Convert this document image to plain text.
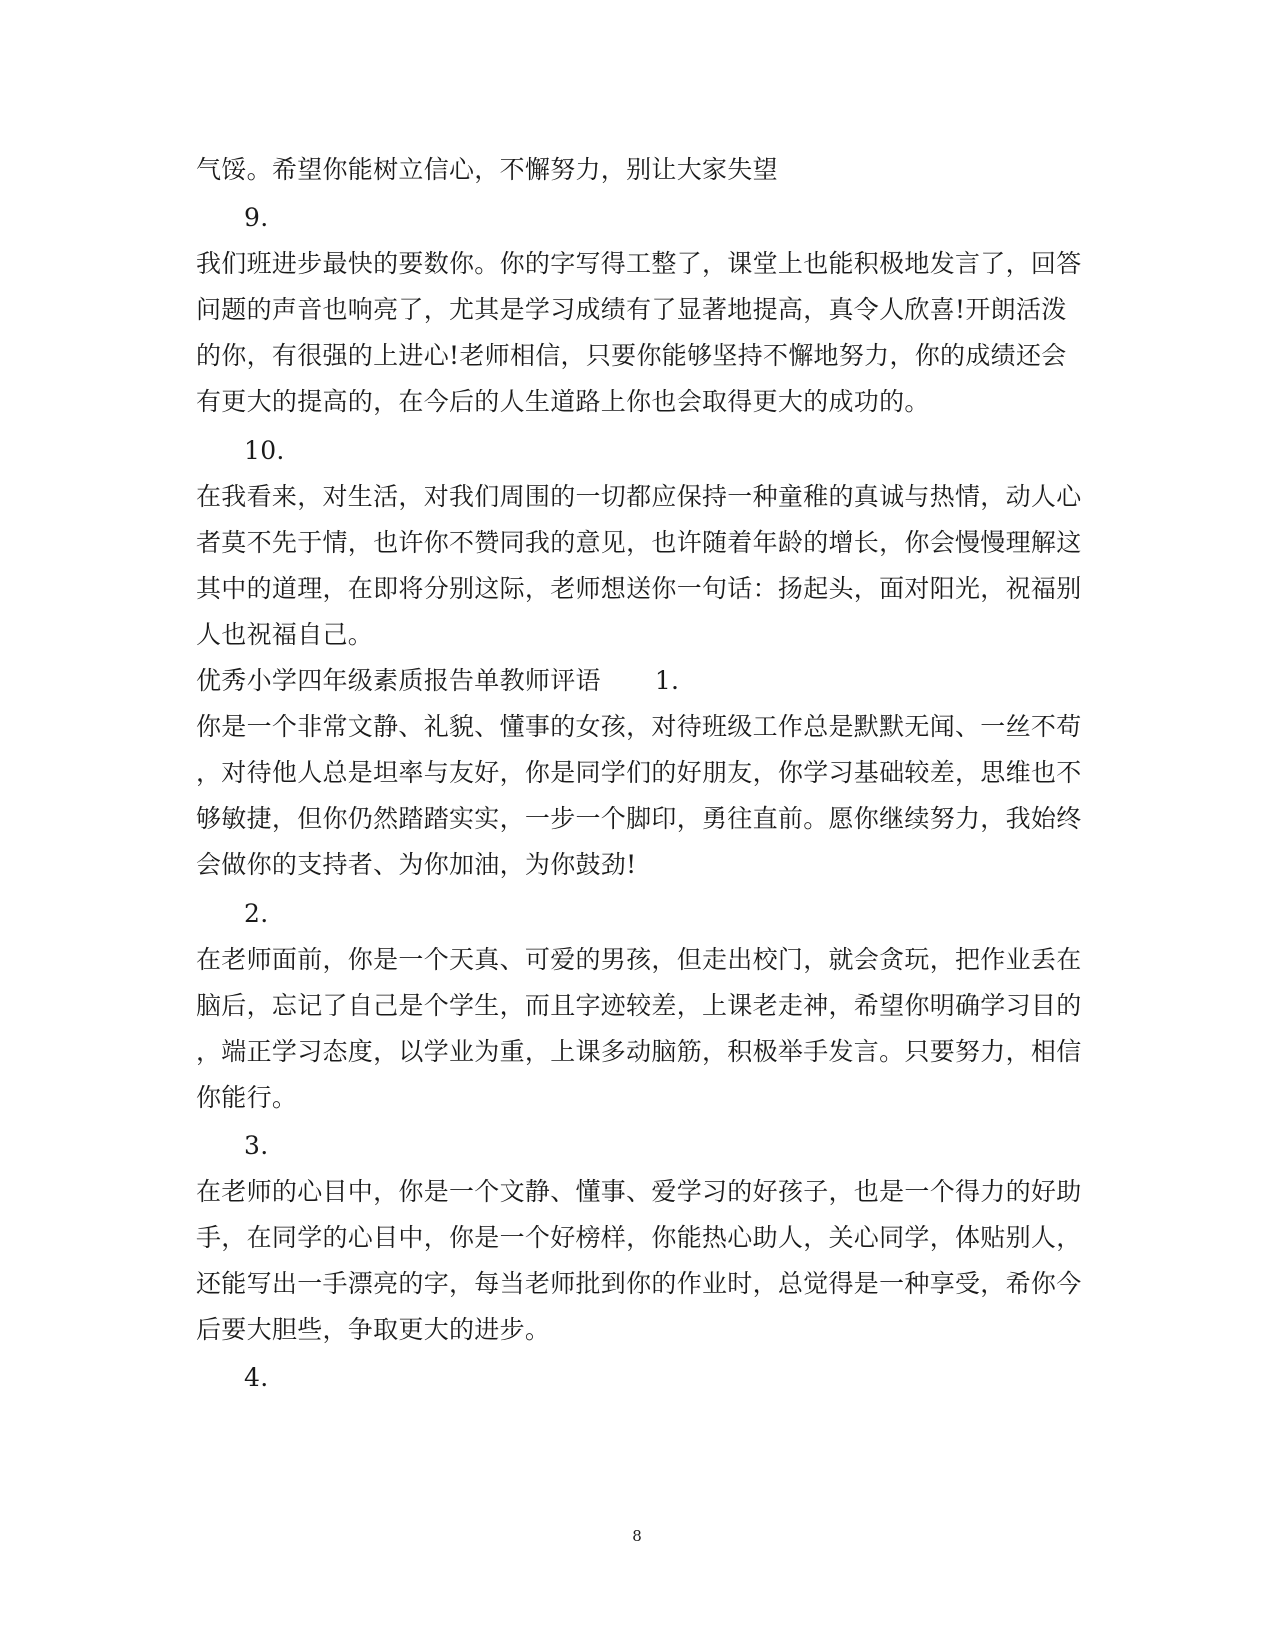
气馁。希望你能树立信心，不懈努力，别让大家失望
9.
我们班进步最快的要数你。你的字写得工整了，课堂上也能积极地发言了，回答
问题的声音也响亮了，尤其是学习成绩有了显著地提高，真令人欣喜!开朗活泼
的你，有很强的上进心!老师相信，只要你能够坚持不懈地努力，你的成绩还会
有更大的提高的，在今后的人生道路上你也会取得更大的成功的。
10.
在我看来，对生活，对我们周围的一切都应保持一种童稚的真诚与热情，动人心
者莫不先于情，也许你不赞同我的意见，也许随着年龄的增长，你会慢慢理解这
其中的道理，在即将分别这际，老师想送你一句话：扬起头，面对阳光，祝福别
人也祝福自己。
优秀小学四年级素质报告单教师评语 1.
你是一个非常文静、礼貌、懂事的女孩，对待班级工作总是默默无闻、一丝不苟
，对待他人总是坦率与友好，你是同学们的好朋友，你学习基础较差，思维也不
够敏捷，但你仍然踏踏实实，一步一个脚印，勇往直前。愿你继续努力，我始终
会做你的支持者、为你加油，为你鼓劲!
2.
在老师面前，你是一个天真、可爱的男孩，但走出校门，就会贪玩，把作业丢在
脑后，忘记了自己是个学生，而且字迹较差，上课老走神，希望你明确学习目的
，端正学习态度，以学业为重，上课多动脑筋，积极举手发言。只要努力，相信
你能行。
3.
在老师的心目中，你是一个文静、懂事、爱学习的好孩子，也是一个得力的好助
手，在同学的心目中，你是一个好榜样，你能热心助人，关心同学，体贴别人，
还能写出一手漂亮的字，每当老师批到你的作业时，总觉得是一种享受，希你今
后要大胆些，争取更大的进步。
4.
8
